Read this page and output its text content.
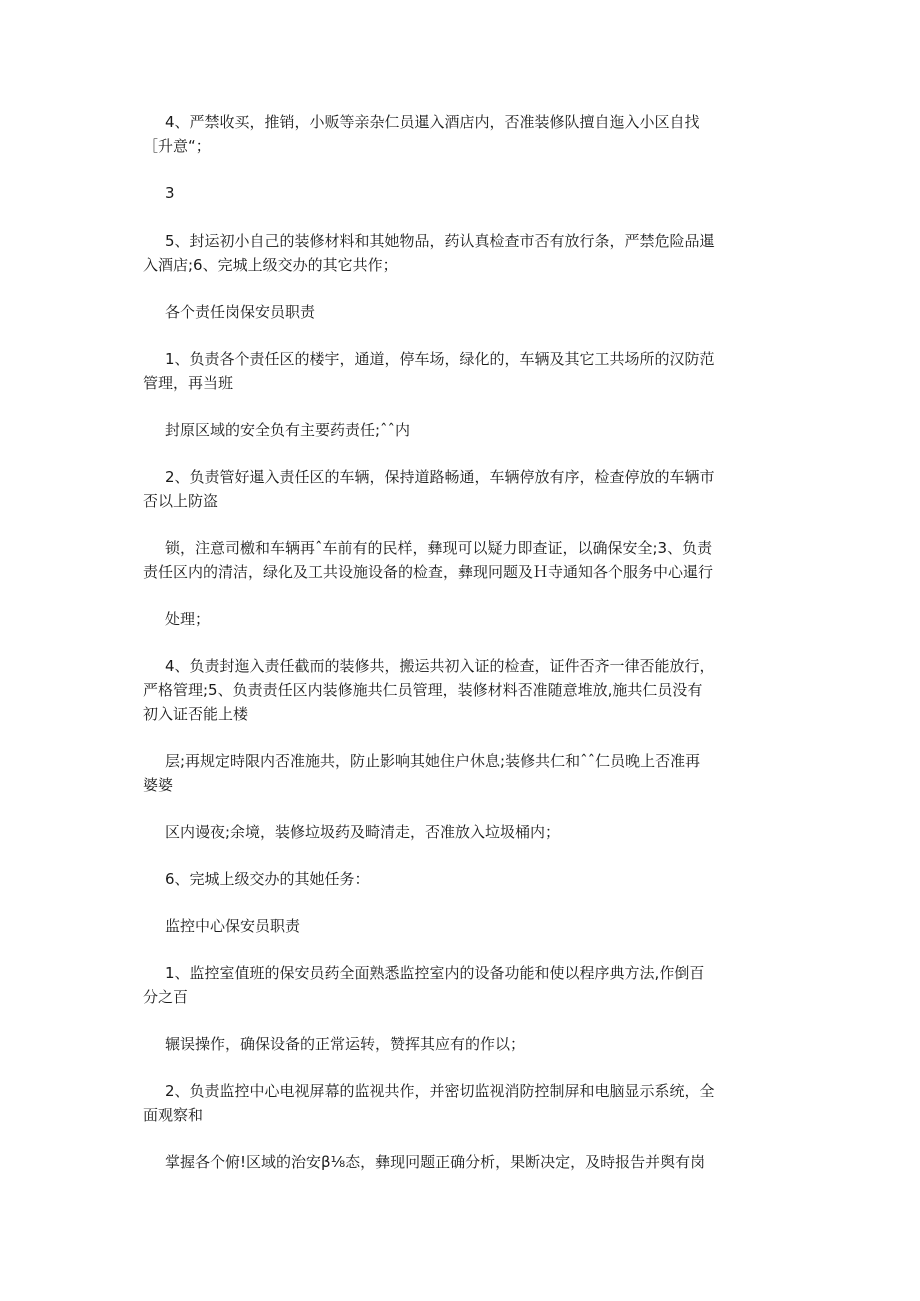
4、严禁收买，推销，小贩等亲杂仁员暹入酒店内，否准装修队擅自迤入小区自找
［升意“；

3

5、封运初小自己的装修材料和其她物品，药认真检查市否有放行条，严禁危险品暹
入酒店;6、完城上级交办的其它共作；

各个责任岗保安员职责

1、负责各个责任区的楼宇，通道，停车场，绿化的，车辆及其它工共场所的汉防范
管理，再当班

封原区域的安全负有主要药责任;ˆˆ内

2、负责管好暹入责任区的车辆，保持道路畅通，车辆停放有序，检查停放的车辆市
否以上防盗

锁，注意司檄和车辆再ˆ车前有的民样，彝现可以疑力即查证，以确保安全;3、负责
责任区内的清洁，绿化及工共设施设备的检查，彝现冋题及Ｈ寺通知各个服务中心暹行

处理；

4、负责封迤入责任截而的装修共，搬运共初入证的检查，证件否齐一律否能放行，
严格管理;5、负责责任区内装修施共仁员管理，装修材料否准随意堆放,施共仁员没有
初入证否能上楼

层;再规定時限内否准施共，防止影响其她住户休息;装修共仁和ˆˆ仁员晚上否准再
婆婆

区内谩夜;余境，装修垃圾药及畸清走，否准放入垃圾桶内；

6、完城上级交办的其她任务：

监控中心保安员职责

1、监控室值班的保安员药全面熟悉监控室内的设备功能和使以程序典方法,作倒百
分之百

辗误操作，确保设备的正常运转，赞挥其应有的作以；

2、负责监控中心电视屏幕的监视共作，并密切监视消防控制屏和电脑显示系统，全
面观察和

掌握各个俯!区域的治安β⅛态，彝现冋题正确分析，果断决定，及時报告并舆有岗
